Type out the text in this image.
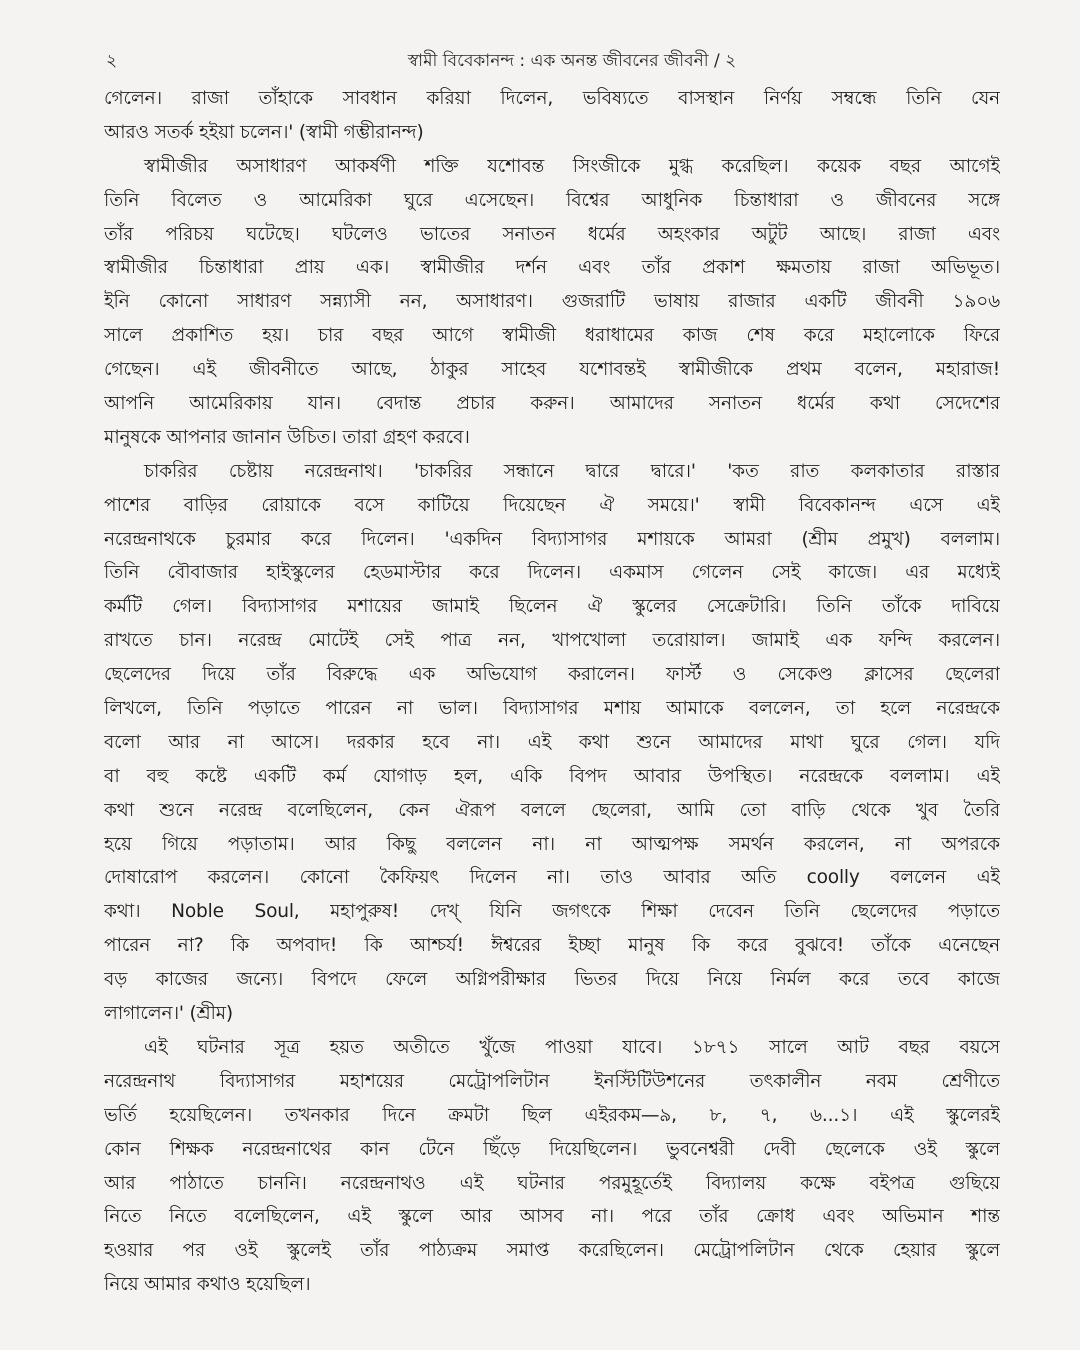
২	স্বামী বিবেকানন্দ : এক অনন্ত জীবনের জীবনী / ২
গেলেন। রাজা তাঁহাকে সাবধান করিয়া দিলেন, ভবিষ্যতে বাসস্থান নির্ণয় সম্বন্ধে তিনি যেন
আরও সতর্ক হইয়া চলেন।' (স্বামী গম্ভীরানন্দ)
স্বামীজীর অসাধারণ আকর্ষণী শক্তি যশোবন্ত সিংজীকে মুগ্ধ করেছিল। কয়েক বছর আগেই
তিনি বিলেত ও আমেরিকা ঘুরে এসেছেন। বিশ্বের আধুনিক চিন্তাধারা ও জীবনের সঙ্গে
তাঁর পরিচয় ঘটেছে। ঘটলেও ভাতের সনাতন ধর্মের অহংকার অটুট আছে। রাজা এবং
স্বামীজীর চিন্তাধারা প্রায় এক। স্বামীজীর দর্শন এবং তাঁর প্রকাশ ক্ষমতায় রাজা অভিভূত।
ইনি কোনো সাধারণ সন্ন্যাসী নন, অসাধারণ। গুজরাটি ভাষায় রাজার একটি জীবনী ১৯০৬
সালে প্রকাশিত হয়। চার বছর আগে স্বামীজী ধরাধামের কাজ শেষ করে মহালোকে ফিরে
গেছেন। এই জীবনীতে আছে, ঠাকুর সাহেব যশোবন্তই স্বামীজীকে প্রথম বলেন, মহারাজ!
আপনি আমেরিকায় যান। বেদান্ত প্রচার করুন। আমাদের সনাতন ধর্মের কথা সেদেশের
মানুষকে আপনার জানান উচিত। তারা গ্রহণ করবে।
চাকরির চেষ্টায় নরেন্দ্রনাথ। 'চাকরির সন্ধানে দ্বারে দ্বারে।' 'কত রাত কলকাতার রাস্তার
পাশের বাড়ির রোয়াকে বসে কাটিয়ে দিয়েছেন ঐ সময়ে।' স্বামী বিবেকানন্দ এসে এই
নরেন্দ্রনাথকে চুরমার করে দিলেন। 'একদিন বিদ্যাসাগর মশায়কে আমরা (শ্রীম প্রমুখ) বললাম।
তিনি বৌবাজার হাইস্কুলের হেডমাস্টার করে দিলেন। একমাস গেলেন সেই কাজে। এর মধ্যেই
কর্মটি গেল। বিদ্যাসাগর মশায়ের জামাই ছিলেন ঐ স্কুলের সেক্রেটারি। তিনি তাঁকে দাবিয়ে
রাখতে চান। নরেন্দ্র মোটেই সেই পাত্র নন, খাপখোলা তরোয়াল। জামাই এক ফন্দি করলেন।
ছেলেদের দিয়ে তাঁর বিরুদ্ধে এক অভিযোগ করালেন। ফার্স্ট ও সেকেণ্ড ক্লাসের ছেলেরা
লিখলে, তিনি পড়াতে পারেন না ভাল। বিদ্যাসাগর মশায় আমাকে বললেন, তা হলে নরেন্দ্রকে
বলো আর না আসে। দরকার হবে না। এই কথা শুনে আমাদের মাথা ঘুরে গেল। যদি
বা বহু কষ্টে একটি কর্ম যোগাড় হল, একি বিপদ আবার উপস্থিত। নরেন্দ্রকে বললাম। এই
কথা শুনে নরেন্দ্র বলেছিলেন, কেন ঐরূপ বললে ছেলেরা, আমি তো বাড়ি থেকে খুব তৈরি
হয়ে গিয়ে পড়াতাম। আর কিছু বললেন না। না আত্মপক্ষ সমর্থন করলেন, না অপরকে
দোষারোপ করলেন। কোনো কৈফিয়ৎ দিলেন না। তাও আবার অতি coolly বললেন এই
কথা। Noble Soul, মহাপুরুষ! দেখ্ যিনি জগৎকে শিক্ষা দেবেন তিনি ছেলেদের পড়াতে
পারেন না? কি অপবাদ! কি আশ্চর্য! ঈশ্বরের ইচ্ছা মানুষ কি করে বুঝবে! তাঁকে এনেছেন
বড় কাজের জন্যে। বিপদে ফেলে অগ্নিপরীক্ষার ভিতর দিয়ে নিয়ে নির্মল করে তবে কাজে
লাগালেন।' (শ্রীম)
এই ঘটনার সূত্র হয়ত অতীতে খুঁজে পাওয়া যাবে। ১৮৭১ সালে আট বছর বয়সে
নরেন্দ্রনাথ বিদ্যাসাগর মহাশয়ের মেট্রোপলিটান ইনস্টিটিউশনের তৎকালীন নবম শ্রেণীতে
ভর্তি হয়েছিলেন। তখনকার দিনে ক্রমটা ছিল এইরকম—৯, ৮, ৭, ৬...১। এই স্কুলেরই
কোন শিক্ষক নরেন্দ্রনাথের কান টেনে ছিঁড়ে দিয়েছিলেন। ভুবনেশ্বরী দেবী ছেলেকে ওই স্কুলে
আর পাঠাতে চাননি। নরেন্দ্রনাথও এই ঘটনার পরমুহূর্তেই বিদ্যালয় কক্ষে বইপত্র গুছিয়ে
নিতে নিতে বলেছিলেন, এই স্কুলে আর আসব না। পরে তাঁর ক্রোধ এবং অভিমান শান্ত
হওয়ার পর ওই স্কুলেই তাঁর পাঠ্যক্রম সমাপ্ত করেছিলেন। মেট্রোপলিটান থেকে হেয়ার স্কুলে
নিয়ে আমার কথাও হয়েছিল।
